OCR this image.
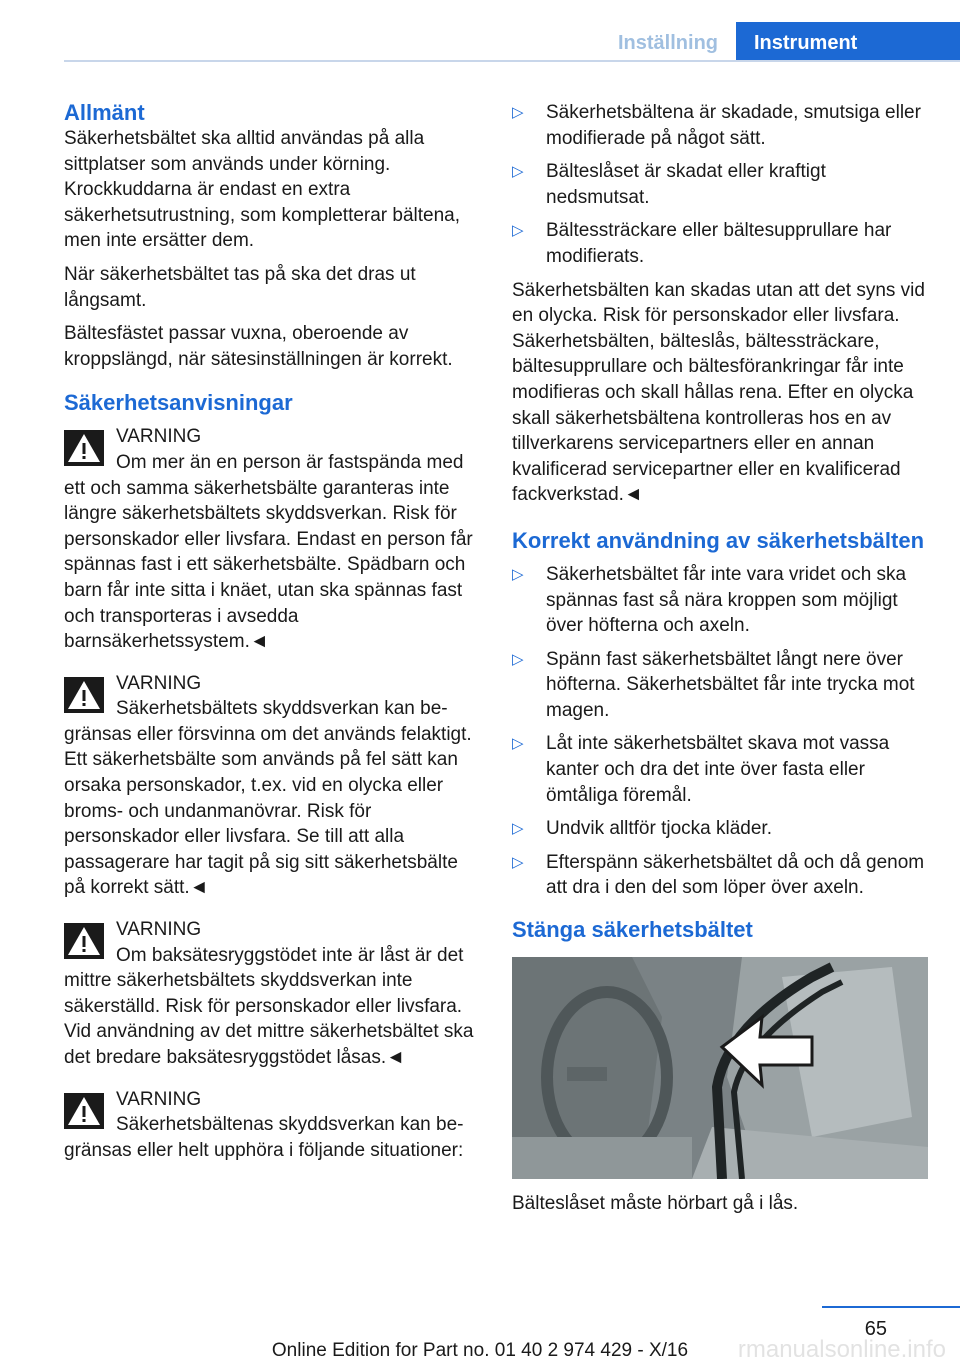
Inställning	Instrument
Allmänt

Säkerhetsbältet ska alltid användas på alla sittplatser som används under körning. Krockkuddarna är endast en extra säkerhetsutrustning, som kompletterar bältena, men inte ersätter dem.

När säkerhetsbältet tas på ska det dras ut långsamt.

Bältesfästet passar vuxna, oberoende av kroppslängd, när sätesinställningen är korrekt.

Säkerhetsanvisningar
VARNING
Om mer än en person är fastspända med
ett och samma säkerhetsbälte garanteras inte längre säkerhetsbältets skyddsverkan. Risk för personskador eller livsfara. Endast en person får spännas fast i ett säkerhetsbälte. Spädbarn och barn får inte sitta i knäet, utan ska spännas fast och transporteras i avsedda barnsäkerhetssystem.◄
VARNING
Säkerhetsbältets skyddsverkan kan be-
gränsas eller försvinna om det används felaktigt. Ett säkerhetsbälte som används på fel sätt kan orsaka personskador, t.ex. vid en olycka eller broms- och undanmanövrar. Risk för personskador eller livsfara. Se till att alla passagerare har tagit på sig sitt säkerhetsbälte på korrekt sätt.◄
VARNING
Om baksätesryggstödet inte är låst är det
mittre säkerhetsbältets skyddsverkan inte säkerställd. Risk för personskador eller livsfara. Vid användning av det mittre säkerhetsbältet ska det bredare baksätesryggstödet låsas.◄
VARNING
Säkerhetsbältenas skyddsverkan kan be-
gränsas eller helt upphöra i följande situationer:
▷ Säkerhetsbältena är skadade, smutsiga eller modifierade på något sätt.
▷ Bälteslåset är skadat eller kraftigt nedsmutsat.
▷ Bältessträckare eller bältesupprullare har modifierats.

Säkerhetsbälten kan skadas utan att det syns vid en olycka. Risk för personskador eller livsfara. Säkerhetsbälten, bälteslås, bältessträckare, bältesupprullare och bältesförankringar får inte modifieras och skall hållas rena. Efter en olycka skall säkerhetsbältena kontrolleras hos en av tillverkarens servicepartners eller en annan kvalificerad servicepartner eller en kvalificerad fackverkstad.◄

Korrekt användning av säkerhetsbälten
▷ Säkerhetsbältet får inte vara vridet och ska spännas fast så nära kroppen som möjligt över höfterna och axeln.
▷ Spänn fast säkerhetsbältet långt nere över höfterna. Säkerhetsbältet får inte trycka mot magen.
▷ Låt inte säkerhetsbältet skava mot vassa kanter och dra det inte över fasta eller ömtåliga föremål.
▷ Undvik alltför tjocka kläder.
▷ Efterspänn säkerhetsbältet då och då genom att dra i den del som löper över axeln.
Stänga säkerhetsbältet

Bälteslåset måste hörbart gå i lås.

65
Online Edition for Part no. 01 40 2 974 429 - X/16	rmanualsonline.info
